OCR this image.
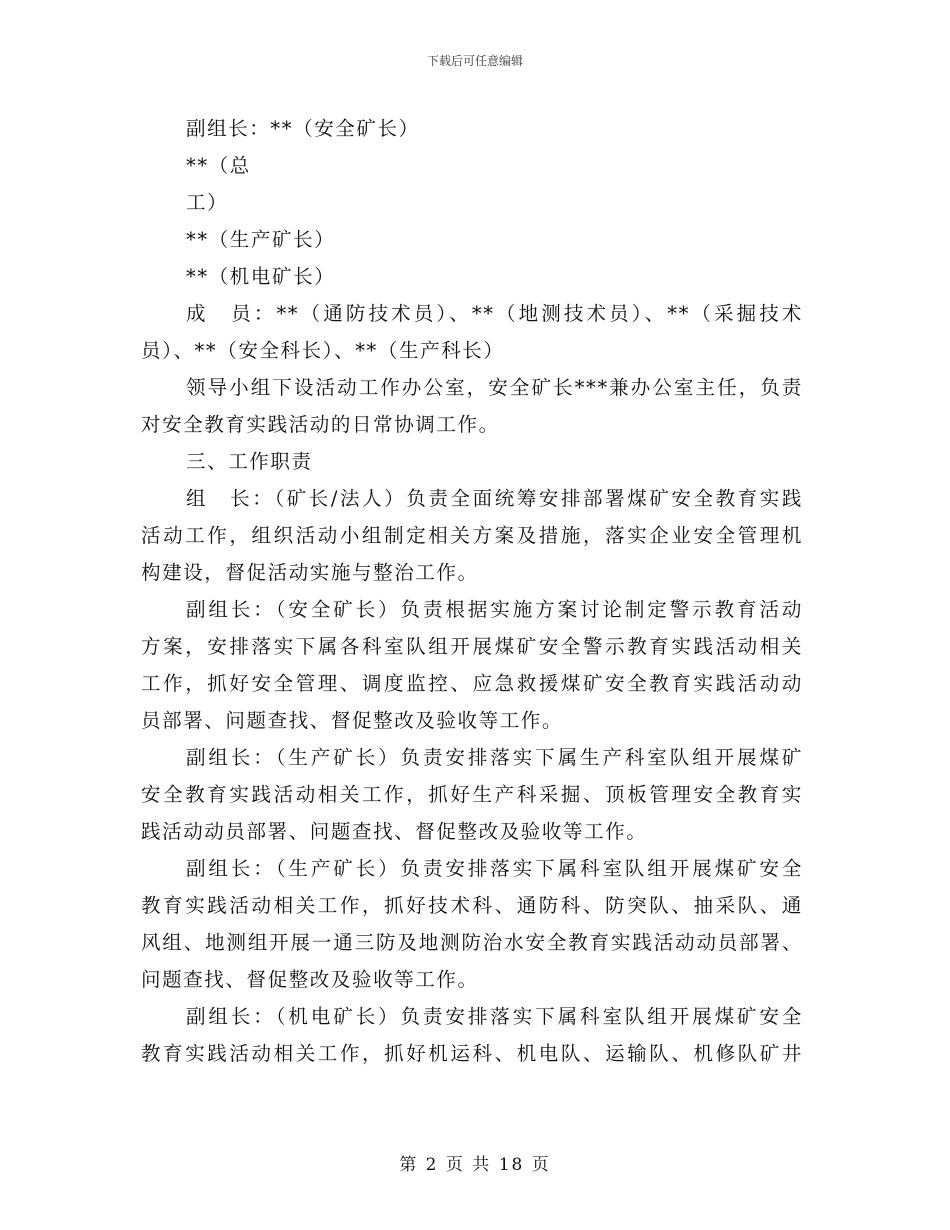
下载后可任意编辑
副组长：**（安全矿长）
**（总
工）
**（生产矿长）
**（机电矿长）
成　员：**（通防技术员）、**（地测技术员）、**（采掘技术
员）、**（安全科长）、**（生产科长）
领导小组下设活动工作办公室，安全矿长***兼办公室主任，负责
对安全教育实践活动的日常协调工作。
三、工作职责
组　长：（矿长/法人）负责全面统筹安排部署煤矿安全教育实践
活动工作，组织活动小组制定相关方案及措施，落实企业安全管理机
构建设，督促活动实施与整治工作。
副组长：（安全矿长）负责根据实施方案讨论制定警示教育活动
方案，安排落实下属各科室队组开展煤矿安全警示教育实践活动相关
工作，抓好安全管理、调度监控、应急救援煤矿安全教育实践活动动
员部署、问题查找、督促整改及验收等工作。
副组长：（生产矿长）负责安排落实下属生产科室队组开展煤矿
安全教育实践活动相关工作，抓好生产科采掘、顶板管理安全教育实
践活动动员部署、问题查找、督促整改及验收等工作。
副组长：（生产矿长）负责安排落实下属科室队组开展煤矿安全
教育实践活动相关工作，抓好技术科、通防科、防突队、抽采队、通
风组、地测组开展一通三防及地测防治水安全教育实践活动动员部署、
问题查找、督促整改及验收等工作。
副组长：（机电矿长）负责安排落实下属科室队组开展煤矿安全
教育实践活动相关工作，抓好机运科、机电队、运输队、机修队矿井
第 2 页 共 18 页
